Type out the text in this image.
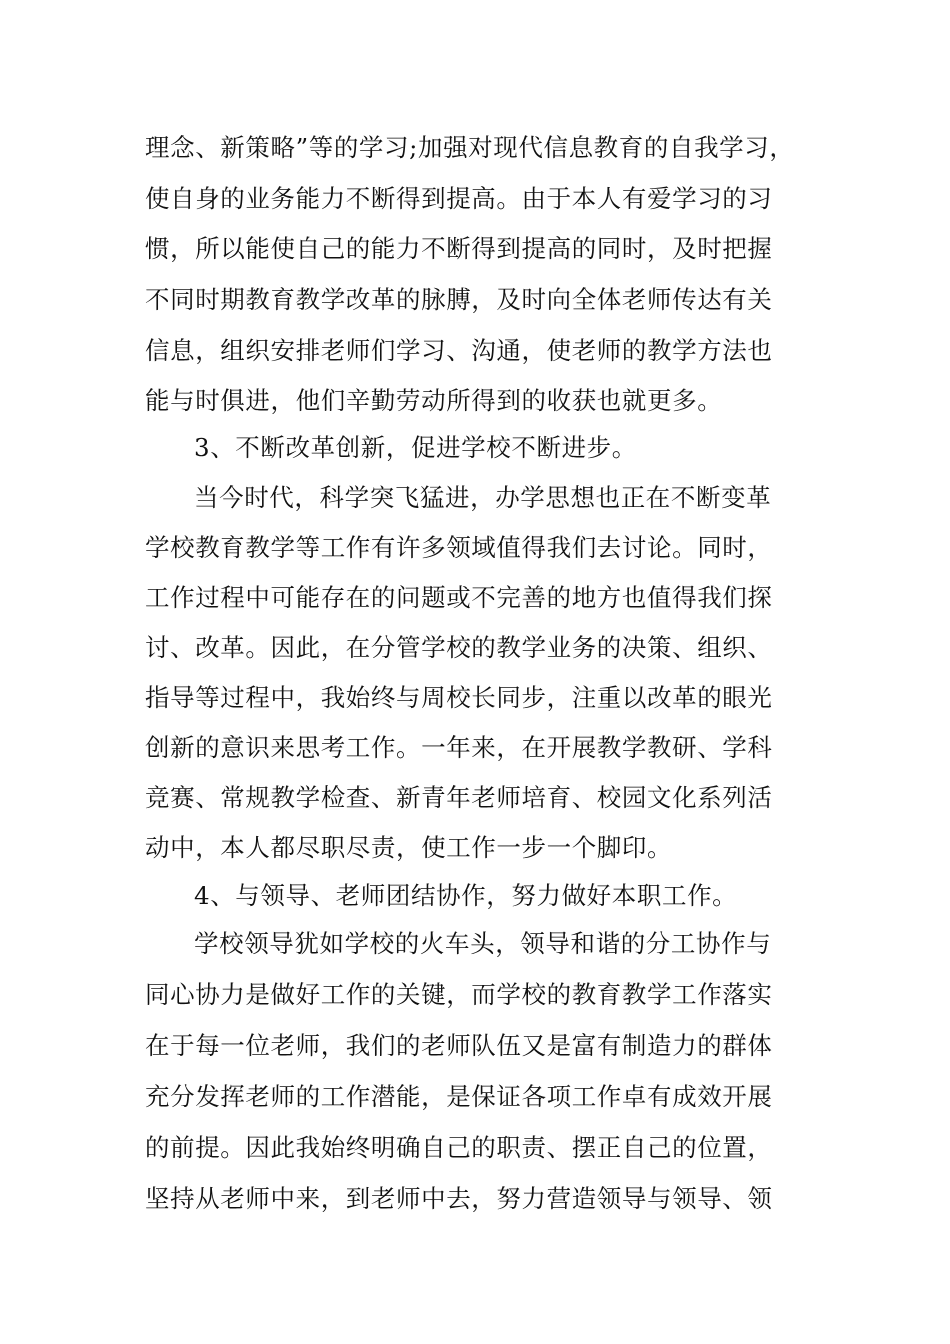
理念、新策略”等的学习;加强对现代信息教育的自我学习，
使自身的业务能力不断得到提高。由于本人有爱学习的习
惯，所以能使自己的能力不断得到提高的同时，及时把握
不同时期教育教学改革的脉膊，及时向全体老师传达有关
信息，组织安排老师们学习、沟通，使老师的教学方法也
能与时俱进，他们辛勤劳动所得到的收获也就更多。
3、不断改革创新，促进学校不断进步。
当今时代，科学突飞猛进，办学思想也正在不断变革
学校教育教学等工作有许多领域值得我们去讨论。同时，
工作过程中可能存在的问题或不完善的地方也值得我们探
讨、改革。因此，在分管学校的教学业务的决策、组织、
指导等过程中，我始终与周校长同步，注重以改革的眼光
创新的意识来思考工作。一年来，在开展教学教研、学科
竞赛、常规教学检查、新青年老师培育、校园文化系列活
动中，本人都尽职尽责，使工作一步一个脚印。
4、与领导、老师团结协作，努力做好本职工作。
学校领导犹如学校的火车头，领导和谐的分工协作与
同心协力是做好工作的关键，而学校的教育教学工作落实
在于每一位老师，我们的老师队伍又是富有制造力的群体
充分发挥老师的工作潜能，是保证各项工作卓有成效开展
的前提。因此我始终明确自己的职责、摆正自己的位置，
坚持从老师中来，到老师中去，努力营造领导与领导、领
